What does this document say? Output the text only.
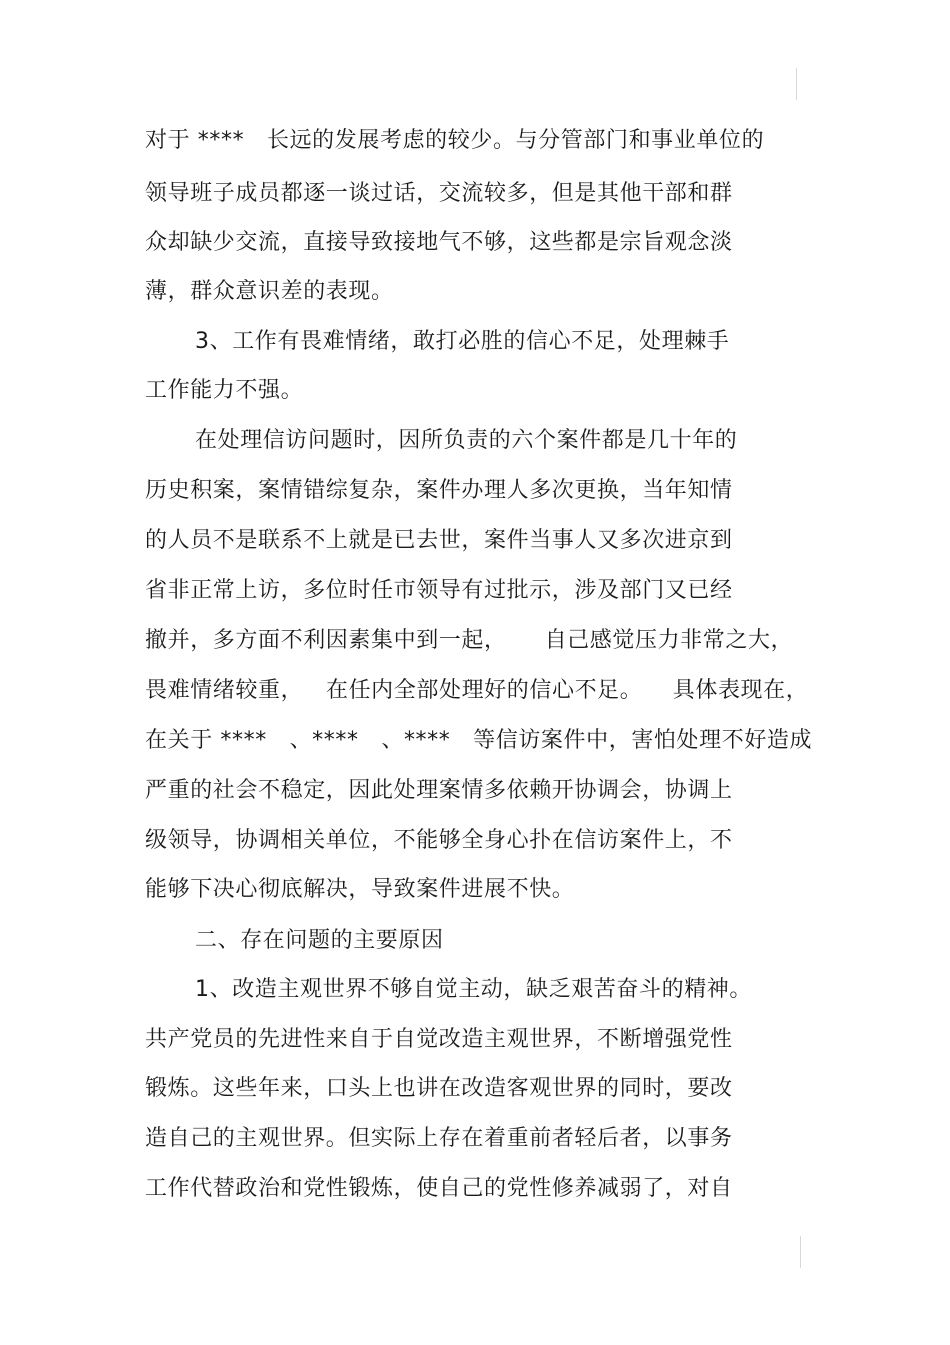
对于 ****   长远的发展考虑的较少。与分管部门和事业单位的
领导班子成员都逐一谈过话，交流较多，但是其他干部和群
众却缺少交流，直接导致接地气不够，这些都是宗旨观念淡
薄，群众意识差的表现。
3、工作有畏难情绪，敢打必胜的信心不足，处理棘手
工作能力不强。
在处理信访问题时，因所负责的六个案件都是几十年的
历史积案，案情错综复杂，案件办理人多次更换，当年知情
的人员不是联系不上就是已去世，案件当事人又多次进京到
省非正常上访，多位时任市领导有过批示，涉及部门又已经
撤并，多方面不利因素集中到一起，     自己感觉压力非常之大，
畏难情绪较重，   在任内全部处理好的信心不足。    具体表现在，
在关于 ****   、****   、****   等信访案件中，害怕处理不好造成
严重的社会不稳定，因此处理案情多依赖开协调会，协调上
级领导，协调相关单位，不能够全身心扑在信访案件上，不
能够下决心彻底解决，导致案件进展不快。
二、存在问题的主要原因
1、改造主观世界不够自觉主动，缺乏艰苦奋斗的精神。
共产党员的先进性来自于自觉改造主观世界，不断增强党性
锻炼。这些年来，口头上也讲在改造客观世界的同时，要改
造自己的主观世界。但实际上存在着重前者轻后者，以事务
工作代替政治和党性锻炼，使自己的党性修养减弱了，对自
